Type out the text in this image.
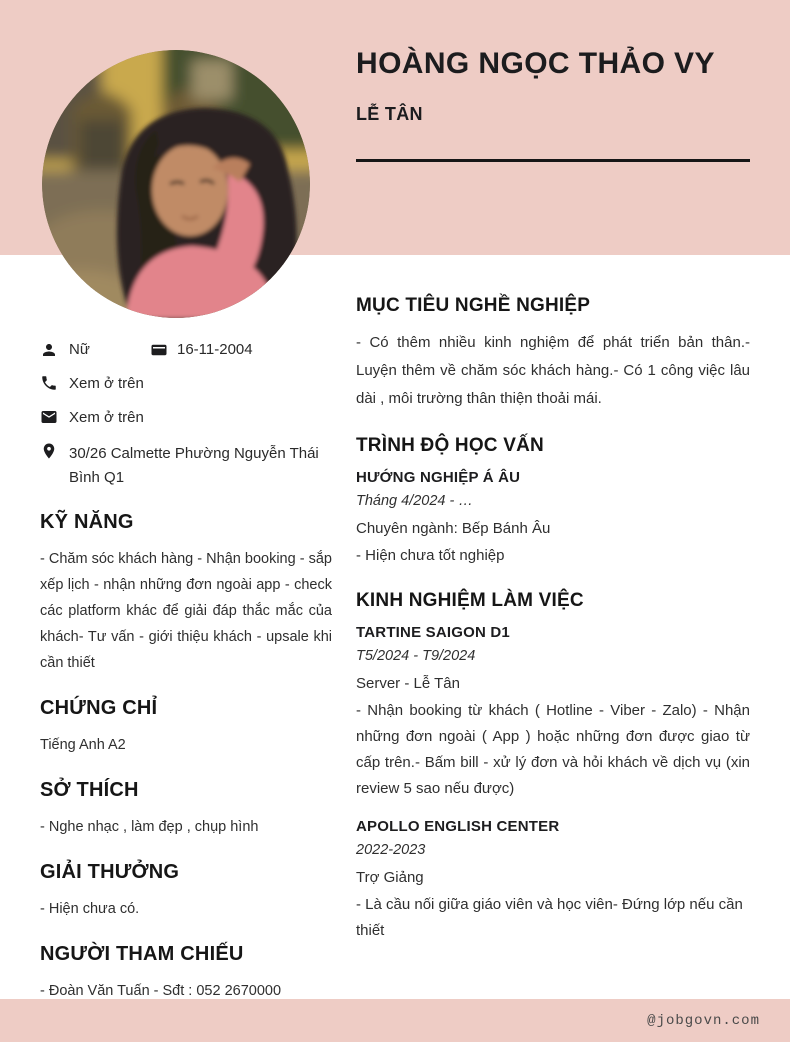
HOÀNG NGỌC THẢO VY
LỄ TÂN
Nữ	16-11-2004
Xem ở trên
Xem ở trên
30/26 Calmette Phường Nguyễn Thái Bình Q1
KỸ NĂNG

- Chăm sóc khách hàng - Nhận booking - sắp xếp lịch - nhận những đơn ngoài app - check các platform khác để giải đáp thắc mắc của khách- Tư vấn - giới thiệu khách - upsale khi cần thiết

CHỨNG CHỈ

Tiếng Anh A2

SỞ THÍCH

- Nghe nhạc , làm đẹp , chụp hình

GIẢI THƯỞNG

- Hiện chưa có.

NGƯỜI THAM CHIẾU

- Đoàn Văn Tuấn - Sđt : 052 2670000

MỤC TIÊU NGHỀ NGHIỆP

- Có thêm nhiều kinh nghiệm để phát triển bản thân.- Luyện thêm về chăm sóc khách hàng.- Có 1 công việc lâu dài , môi trường thân thiện thoải mái.

TRÌNH ĐỘ HỌC VẤN
HƯỚNG NGHIỆP Á ÂU
Tháng 4/2024 - …
Chuyên ngành: Bếp Bánh Âu
- Hiện chưa tốt nghiệp
KINH NGHIỆM LÀM VIỆC
TARTINE SAIGON D1
T5/2024 - T9/2024
Server - Lễ Tân
- Nhận booking từ khách ( Hotline - Viber - Zalo) - Nhận những đơn ngoài ( App ) hoặc những đơn được giao từ cấp trên.- Bấm bill - xử lý đơn và hỏi khách về dịch vụ (xin review 5 sao nếu được)
APOLLO ENGLISH CENTER
2022-2023
Trợ Giảng
- Là cầu nối giữa giáo viên và học viên- Đứng lớp nếu cần thiết
@jobgovn.com
